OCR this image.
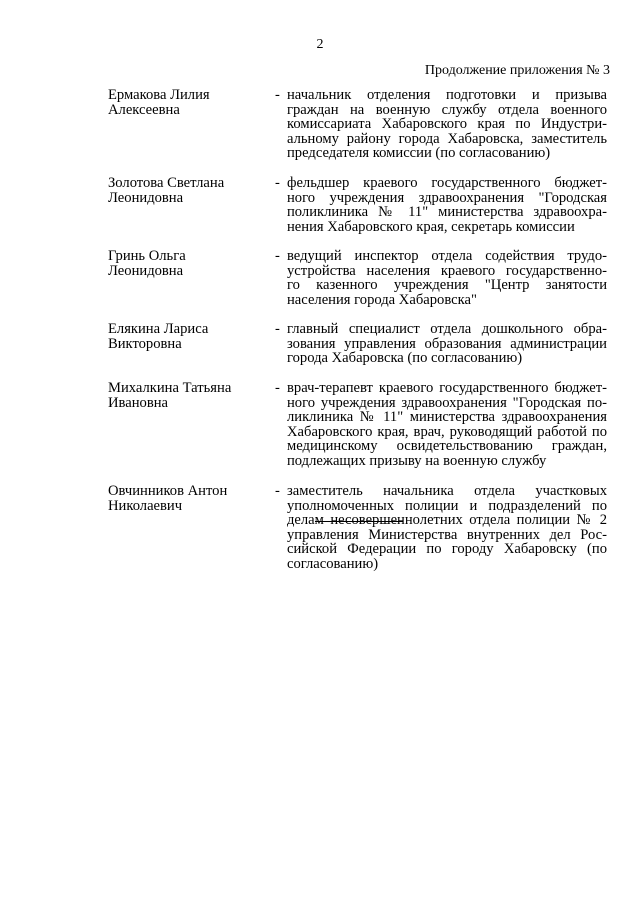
2
Продолжение приложения № 3
Ермакова Лилия
Алексеевна
- начальник отделения подготовки и призыва
граждан на военную службу отдела военного
комиссариата Хабаровского края по Индустри-
альному району города Хабаровска, заместитель
председателя комиссии (по согласованию)
Золотова Светлана
Леонидовна
- фельдшер краевого государственного бюджет-
ного учреждения здравоохранения "Городская
поликлиника № 11" министерства здравоохра-
нения Хабаровского края, секретарь комиссии
Гринь Ольга
Леонидовна
- ведущий инспектор отдела содействия трудо-
устройства населения краевого государственно-
го казенного учреждения "Центр занятости
населения города Хабаровска"
Елякина Лариса
Викторовна
- главный специалист отдела дошкольного обра-
зования управления образования администрации
города Хабаровска (по согласованию)
Михалкина Татьяна
Ивановна
- врач-терапевт краевого государственного бюджет-
ного учреждения здравоохранения "Городская по-
ликлиника № 11" министерства здравоохранения
Хабаровского края, врач, руководящий работой по
медицинскому освидетельствованию граждан,
подлежащих призыву на военную службу
Овчинников Антон
Николаевич
- заместитель начальника отдела участковых
уполномоченных полиции и подразделений по
делам несовершеннолетних отдела полиции № 2
управления Министерства внутренних дел Рос-
сийской Федерации по городу Хабаровску (по
согласованию)
